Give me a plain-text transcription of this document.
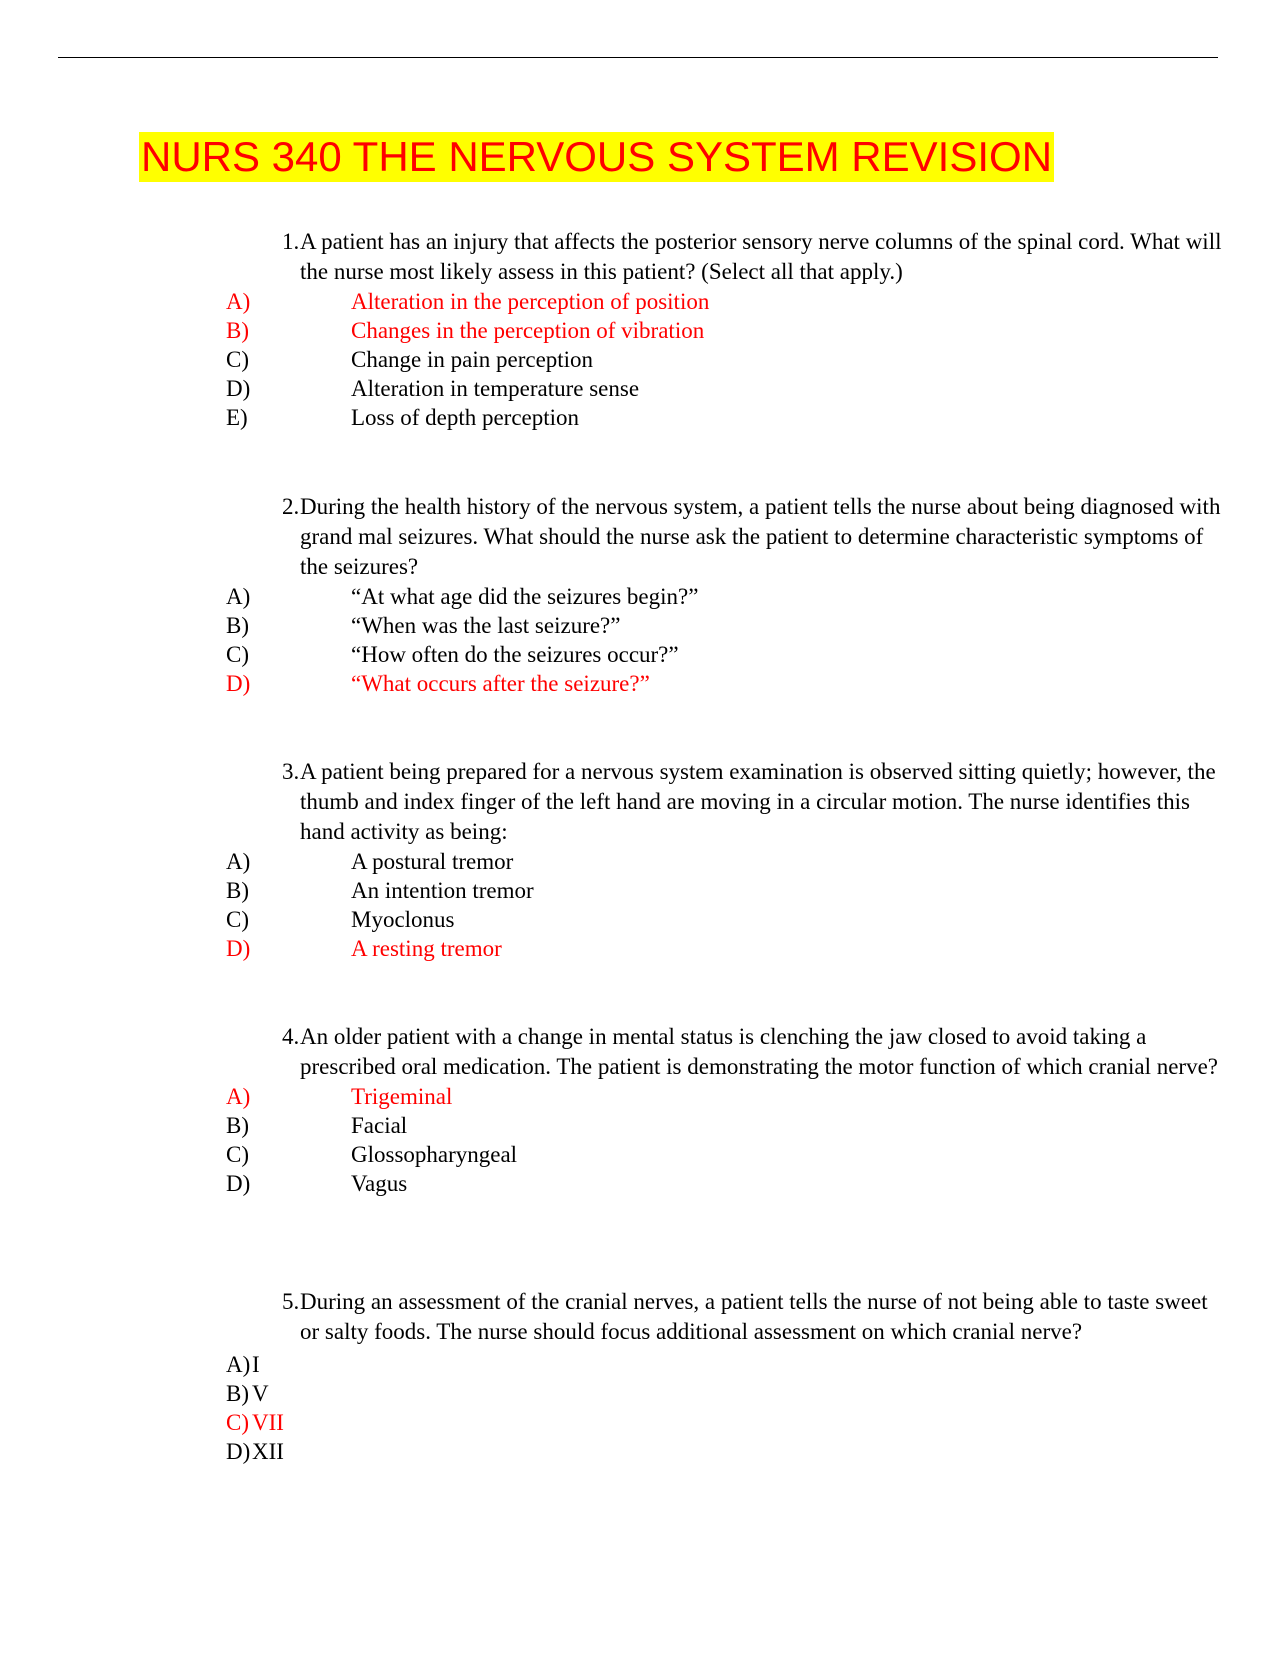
NURS 340 THE NERVOUS SYSTEM REVISION
1. A patient has an injury that affects the posterior sensory nerve columns of the spinal cord. What will the nurse most likely assess in this patient? (Select all that apply.)
A)	Alteration in the perception of position
B)	Changes in the perception of vibration
C)	Change in pain perception
D)	Alteration in temperature sense
E)	Loss of depth perception
2. During the health history of the nervous system, a patient tells the nurse about being diagnosed with grand mal seizures. What should the nurse ask the patient to determine characteristic symptoms of the seizures?
A)	“At what age did the seizures begin?”
B)	“When was the last seizure?”
C)	“How often do the seizures occur?”
D)	“What occurs after the seizure?”
3. A patient being prepared for a nervous system examination is observed sitting quietly; however, the thumb and index finger of the left hand are moving in a circular motion. The nurse identifies this hand activity as being:
A)	A postural tremor
B)	An intention tremor
C)	Myoclonus
D)	A resting tremor
4. An older patient with a change in mental status is clenching the jaw closed to avoid taking a prescribed oral medication. The patient is demonstrating the motor function of which cranial nerve?
A)	Trigeminal
B)	Facial
C)	Glossopharyngeal
D)	Vagus
5. During an assessment of the cranial nerves, a patient tells the nurse of not being able to taste sweet or salty foods. The nurse should focus additional assessment on which cranial nerve?
A) I
B) V
C) VII
D) XII
